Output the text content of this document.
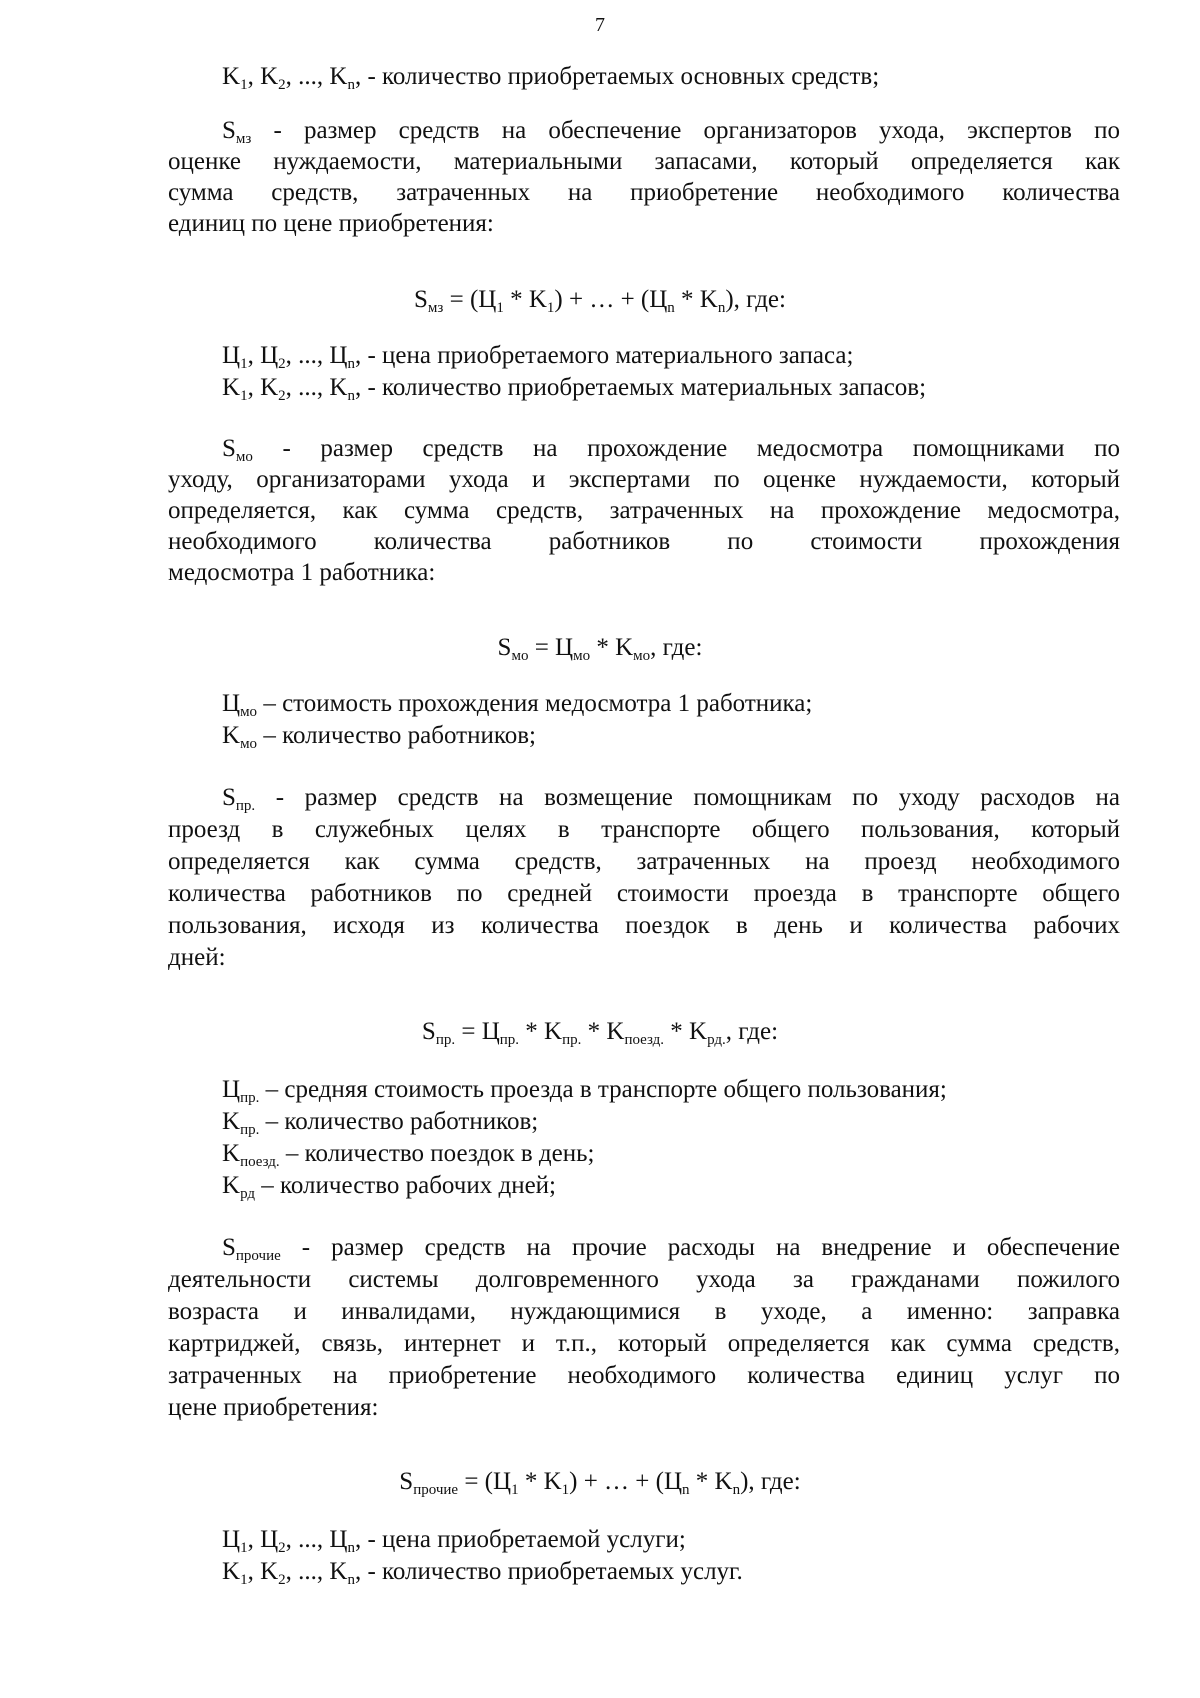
7
$K_1$, $K_2$, ..., $K_n$, - количество приобретаемых основных средств;
$S_{мз}$ - размер средств на обеспечение организаторов ухода, экспертов по
оценке нуждаемости, материальными запасами, который определяется как
сумма средств, затраченных на приобретение необходимого количества
единиц по цене приобретения:
$S_{мз} = (Ц_1 * K_1)$ + … + $(Ц_n * K_n)$, где:
$Ц_1$, $Ц_2$, ..., $Ц_n$, - цена приобретаемого материального запаса;
$K_1$, $K_2$, ..., $K_n$, - количество приобретаемых материальных запасов;
$S_{мо}$ - размер средств на прохождение медосмотра помощниками по
уходу, организаторами ухода и экспертами по оценке нуждаемости, который
определяется, как сумма средств, затраченных на прохождение медосмотра,
необходимого количества работников по стоимости прохождения
медосмотра 1 работника:
$S_{мо} = Ц_{мо} * K_{мо}$, где:
$Ц_{мо}$ – стоимость прохождения медосмотра 1 работника;
$K_{мо}$ – количество работников;
$S_{пр.}$ - размер средств на возмещение помощникам по уходу расходов на
проезд в служебных целях в транспорте общего пользования, который
определяется как сумма средств, затраченных на проезд необходимого
количества работников по средней стоимости проезда в транспорте общего
пользования, исходя из количества поездок в день и количества рабочих
дней:
$S_{пр.} = Ц_{пр.} * K_{пр.} * K_{поезд.} * K_{рд.}$, где:
$Ц_{пр.}$ – средняя стоимость проезда в транспорте общего пользования;
$K_{пр.}$ – количество работников;
$K_{поезд.}$ – количество поездок в день;
$K_{рд}$ – количество рабочих дней;
$S_{прочие}$ - размер средств на прочие расходы на внедрение и обеспечение
деятельности системы долговременного ухода за гражданами пожилого
возраста и инвалидами, нуждающимися в уходе, а именно: заправка
картриджей, связь, интернет и т.п., который определяется как сумма средств,
затраченных на приобретение необходимого количества единиц услуг по
цене приобретения:
$S_{прочие} = (Ц_1 * K_1)$ + … + $(Ц_n * K_n)$, где:
$Ц_1$, $Ц_2$, ..., $Ц_n$, - цена приобретаемой услуги;
$K_1$, $K_2$, ..., $K_n$, - количество приобретаемых услуг.
